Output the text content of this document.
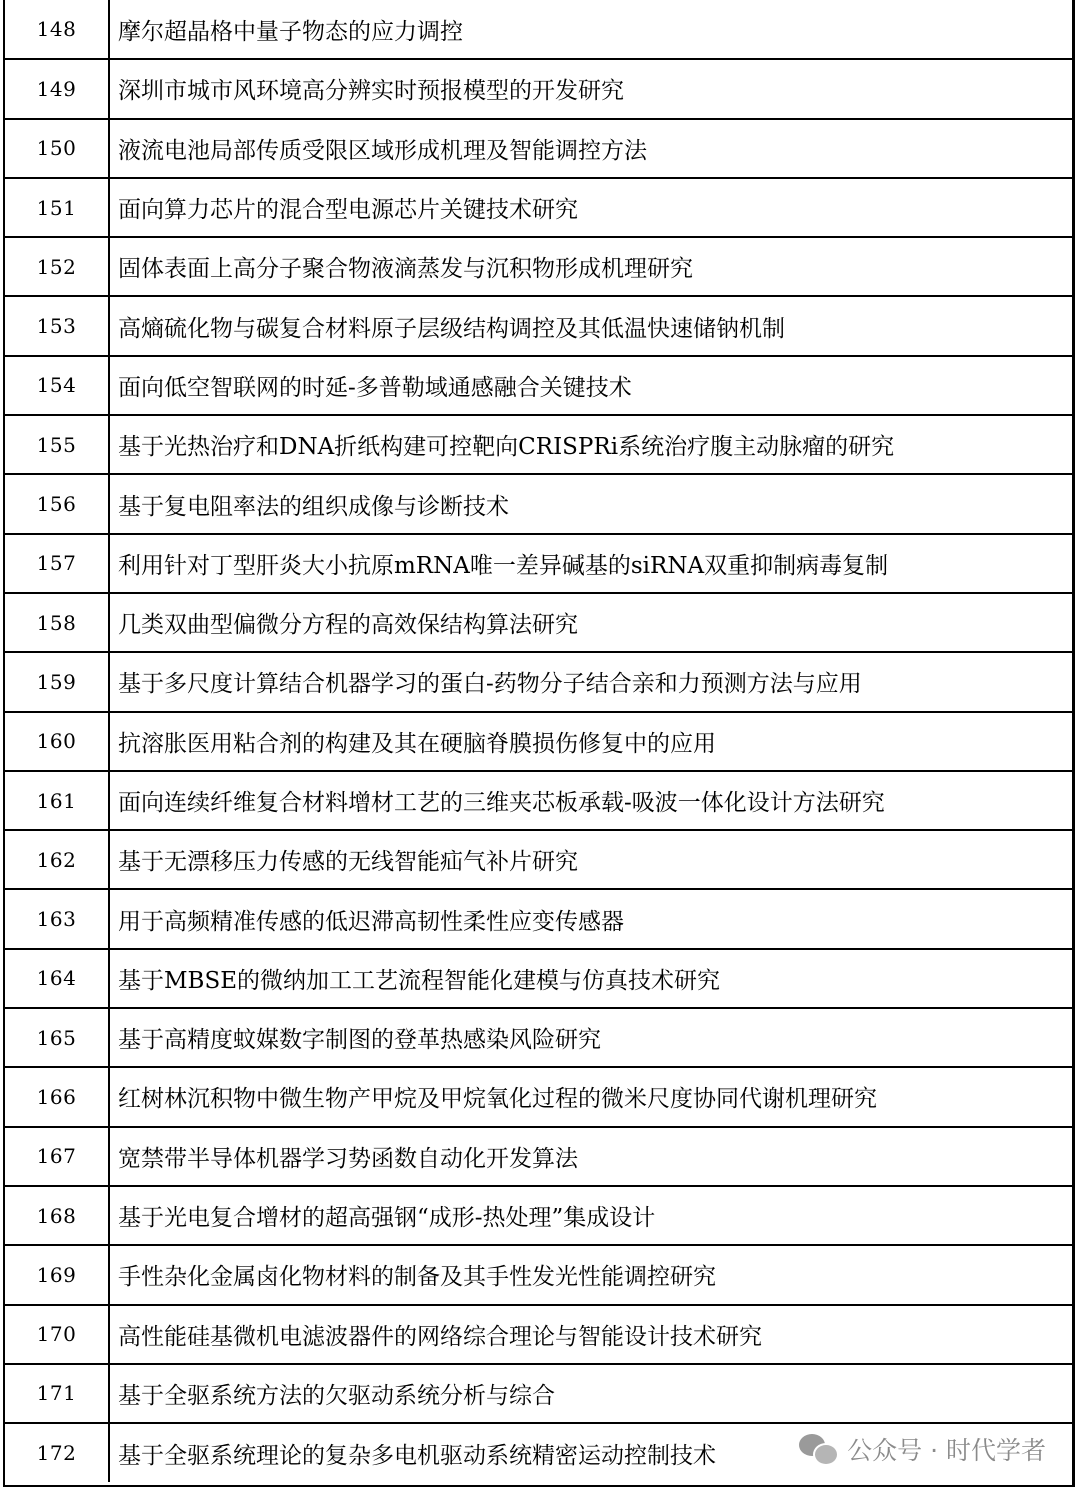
148	摩尔超晶格中量子物态的应力调控
149	深圳市城市风环境高分辨实时预报模型的开发研究
150	液流电池局部传质受限区域形成机理及智能调控方法
151	面向算力芯片的混合型电源芯片关键技术研究
152	固体表面上高分子聚合物液滴蒸发与沉积物形成机理研究
153	高熵硫化物与碳复合材料原子层级结构调控及其低温快速储钠机制
154	面向低空智联网的时延-多普勒域通感融合关键技术
155	基于光热治疗和DNA折纸构建可控靶向CRISPRi系统治疗腹主动脉瘤的研究
156	基于复电阻率法的组织成像与诊断技术
157	利用针对丁型肝炎大小抗原mRNA唯一差异碱基的siRNA双重抑制病毒复制
158	几类双曲型偏微分方程的高效保结构算法研究
159	基于多尺度计算结合机器学习的蛋白-药物分子结合亲和力预测方法与应用
160	抗溶胀医用粘合剂的构建及其在硬脑脊膜损伤修复中的应用
161	面向连续纤维复合材料增材工艺的三维夹芯板承载-吸波一体化设计方法研究
162	基于无漂移压力传感的无线智能疝气补片研究
163	用于高频精准传感的低迟滞高韧性柔性应变传感器
164	基于MBSE的微纳加工工艺流程智能化建模与仿真技术研究
165	基于高精度蚊媒数字制图的登革热感染风险研究
166	红树林沉积物中微生物产甲烷及甲烷氧化过程的微米尺度协同代谢机理研究
167	宽禁带半导体机器学习势函数自动化开发算法
168	基于光电复合增材的超高强钢“成形-热处理”集成设计
169	手性杂化金属卤化物材料的制备及其手性发光性能调控研究
170	高性能硅基微机电滤波器件的网络综合理论与智能设计技术研究
171	基于全驱系统方法的欠驱动系统分析与综合
172	基于全驱系统理论的复杂多电机驱动系统精密运动控制技术	公众号 · 时代学者
